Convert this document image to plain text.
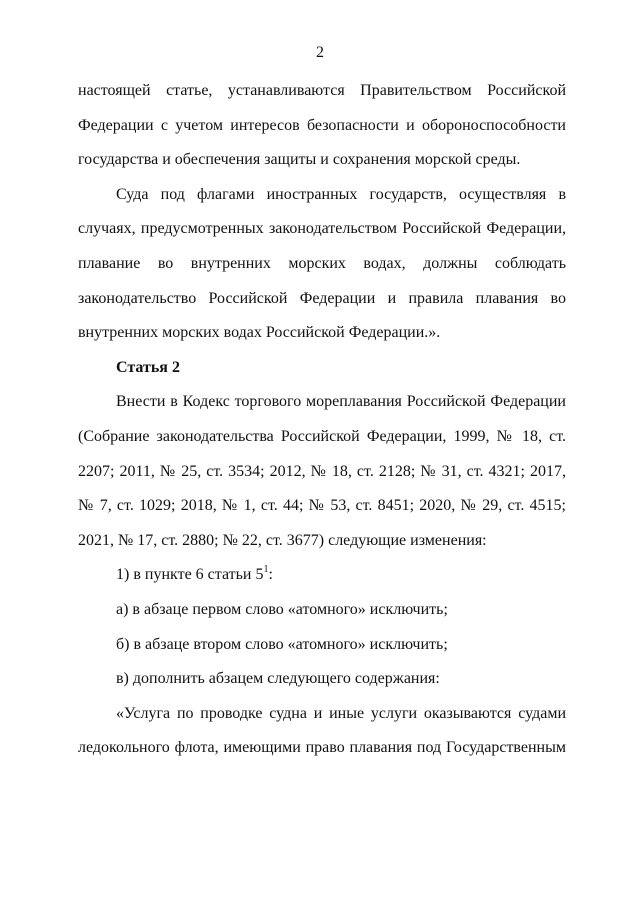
2

настоящей статье, устанавливаются Правительством Российской Федерации с учетом интересов безопасности и обороноспособности государства и обеспечения защиты и сохранения морской среды.

Суда под флагами иностранных государств, осуществляя в случаях, предусмотренных законодательством Российской Федерации, плавание во внутренних морских водах, должны соблюдать законодательство Российской Федерации и правила плавания во внутренних морских водах Российской Федерации.».

Статья 2

Внести в Кодекс торгового мореплавания Российской Федерации (Собрание законодательства Российской Федерации, 1999, № 18, ст. 2207; 2011, № 25, ст. 3534; 2012, № 18, ст. 2128; № 31, ст. 4321; 2017, № 7, ст. 1029; 2018, № 1, ст. 44; № 53, ст. 8451; 2020, № 29, ст. 4515; 2021, № 17, ст. 2880; № 22, ст. 3677) следующие изменения:

1) в пункте 6 статьи $5^1$:

а) в абзаце первом слово «атомного» исключить;

б) в абзаце втором слово «атомного» исключить;

в) дополнить абзацем следующего содержания:

«Услуга по проводке судна и иные услуги оказываются судами ледокольного флота, имеющими право плавания под Государственным
